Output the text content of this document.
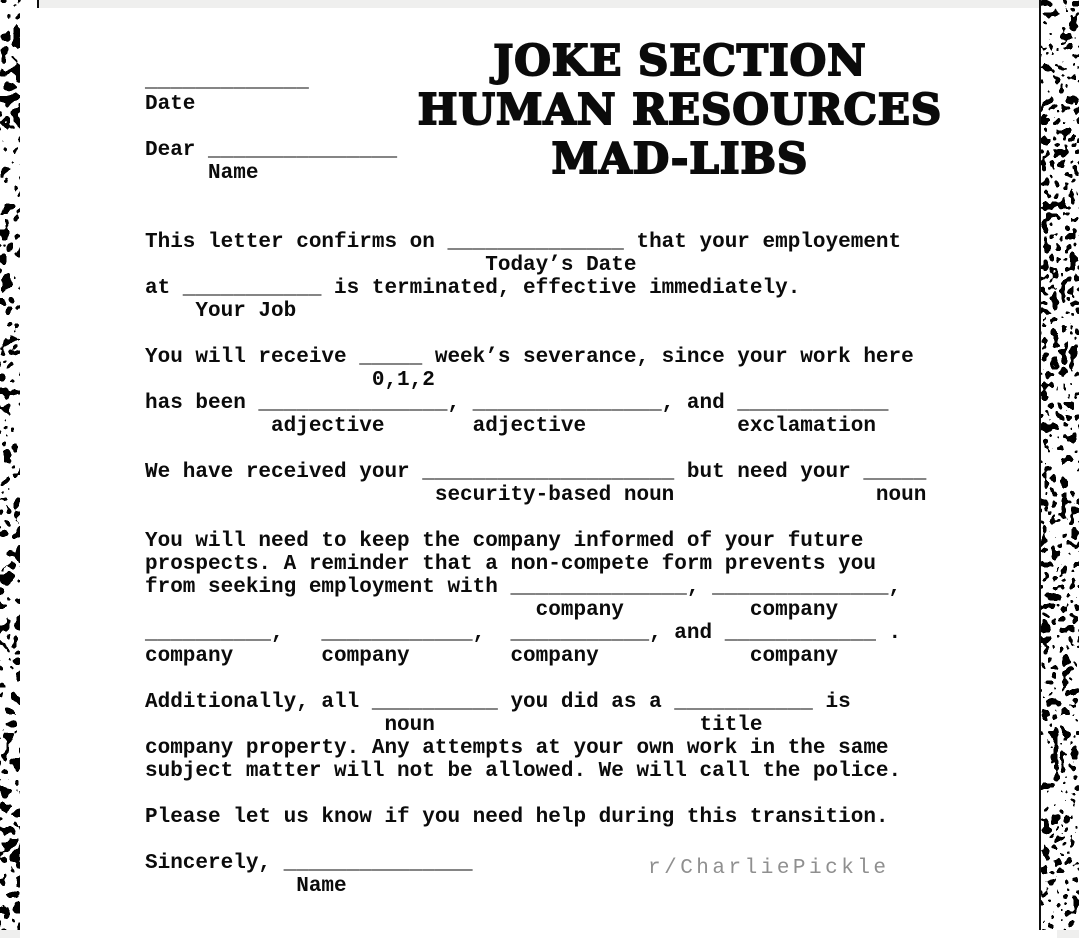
JOKE SECTION
HUMAN RESOURCES
MAD-LIBS
_____________
Date
Dear _______________
Name
This letter confirms on ______________ that your employement
Today’s Date
at ___________ is terminated, effective immediately.
Your Job
You will receive _____ week’s severance, since your work here
0,1,2
has been _______________, _______________, and ____________
adjective       adjective            exclamation
We have received your ____________________ but need your _____
security-based noun                noun
You will need to keep the company informed of your future
prospects. A reminder that a non-compete form prevents you
from seeking employment with ______________, ______________,
company          company
__________,   ____________,  ___________, and ____________ .
company       company        company            company
Additionally, all __________ you did as a ___________ is
noun                     title
company property. Any attempts at your own work in the same
subject matter will not be allowed. We will call the police.
Please let us know if you need help during this transition.
Sincerely, _______________
Name
r/CharliePickle
